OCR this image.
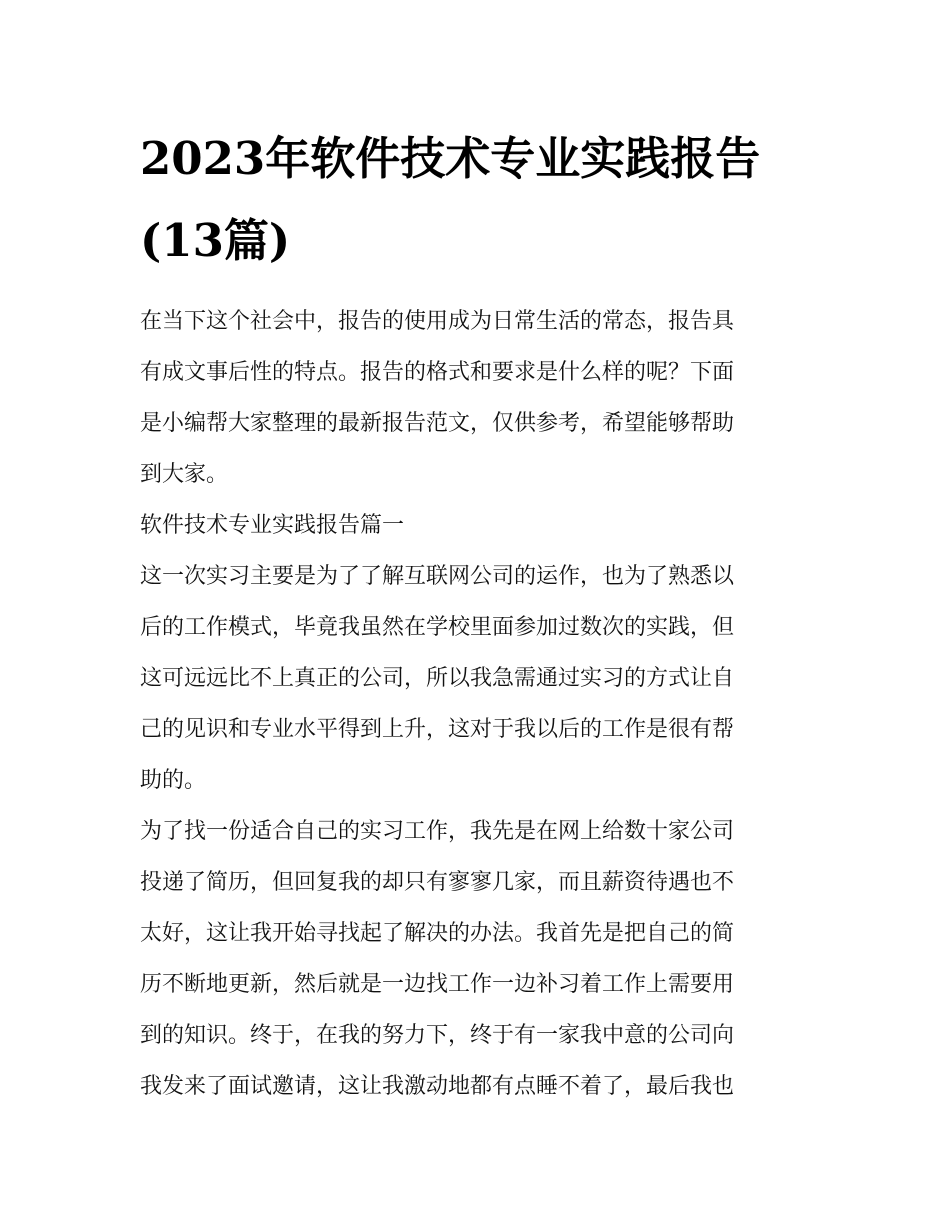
2023年软件技术专业实践报告
(13篇)

在当下这个社会中，报告的使用成为日常生活的常态，报告具
有成文事后性的特点。报告的格式和要求是什么样的呢？下面
是小编帮大家整理的最新报告范文，仅供参考，希望能够帮助
到大家。

软件技术专业实践报告篇一

这一次实习主要是为了了解互联网公司的运作，也为了熟悉以
后的工作模式，毕竟我虽然在学校里面参加过数次的实践，但
这可远远比不上真正的公司，所以我急需通过实习的方式让自
己的见识和专业水平得到上升，这对于我以后的工作是很有帮
助的。

为了找一份适合自己的实习工作，我先是在网上给数十家公司
投递了简历，但回复我的却只有寥寥几家，而且薪资待遇也不
太好，这让我开始寻找起了解决的办法。我首先是把自己的简
历不断地更新，然后就是一边找工作一边补习着工作上需要用
到的知识。终于，在我的努力下，终于有一家我中意的公司向
我发来了面试邀请，这让我激动地都有点睡不着了，最后我也
